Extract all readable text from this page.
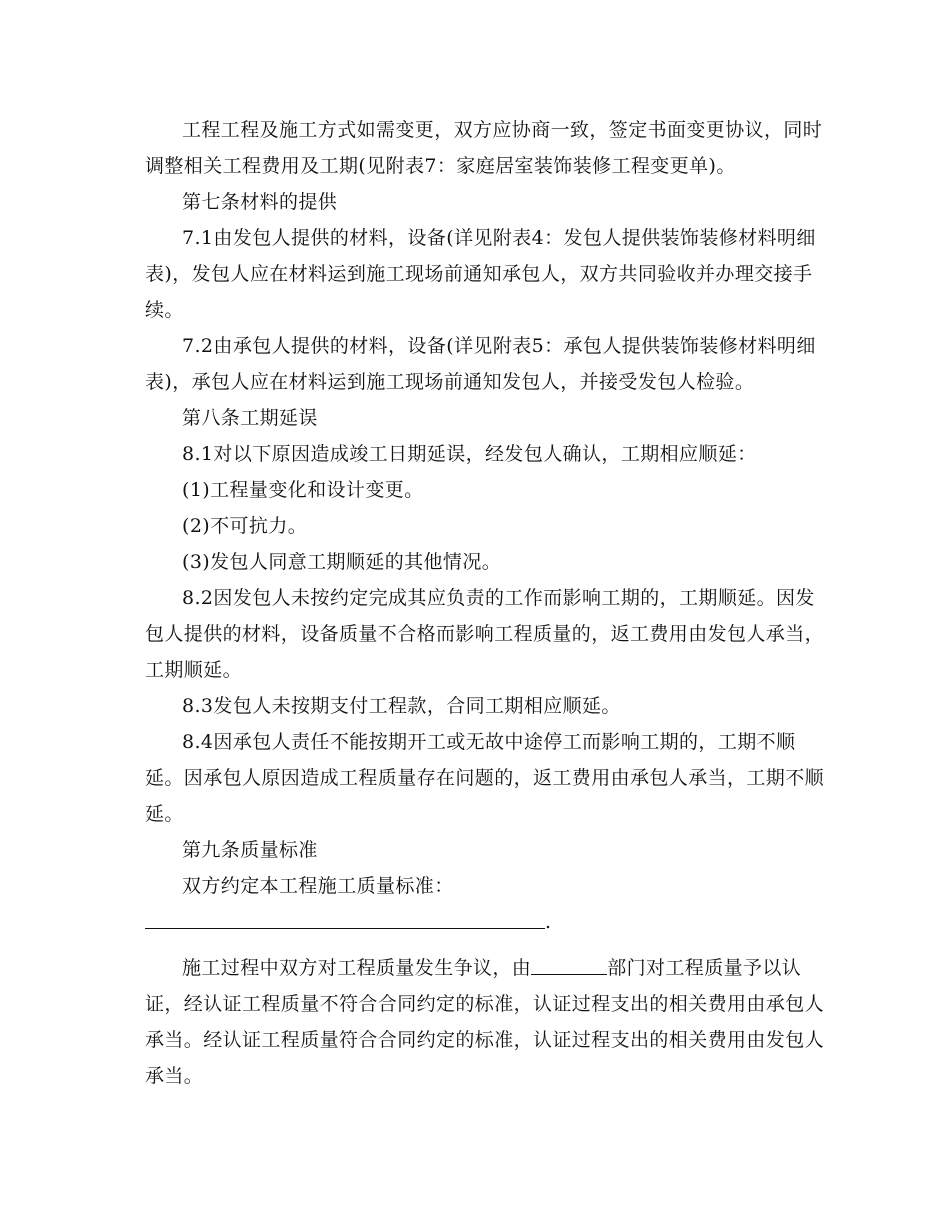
工程工程及施工方式如需变更，双方应协商一致，签定书面变更协议，同时
调整相关工程费用及工期(见附表7：家庭居室装饰装修工程变更单)。
第七条材料的提供
7.1由发包人提供的材料，设备(详见附表4：发包人提供装饰装修材料明细
表)，发包人应在材料运到施工现场前通知承包人，双方共同验收并办理交接手
续。
7.2由承包人提供的材料，设备(详见附表5：承包人提供装饰装修材料明细
表)，承包人应在材料运到施工现场前通知发包人，并接受发包人检验。
第八条工期延误
8.1对以下原因造成竣工日期延误，经发包人确认，工期相应顺延：
(1)工程量变化和设计变更。
(2)不可抗力。
(3)发包人同意工期顺延的其他情况。
8.2因发包人未按约定完成其应负责的工作而影响工期的，工期顺延。因发
包人提供的材料，设备质量不合格而影响工程质量的，返工费用由发包人承当，
工期顺延。
8.3发包人未按期支付工程款，合同工期相应顺延。
8.4因承包人责任不能按期开工或无故中途停工而影响工期的，工期不顺
延。因承包人原因造成工程质量存在问题的，返工费用由承包人承当，工期不顺
延。
第九条质量标准
双方约定本工程施工质量标准：
.
施工过程中双方对工程质量发生争议，由	部门对工程质量予以认
证，经认证工程质量不符合合同约定的标准，认证过程支出的相关费用由承包人
承当。经认证工程质量符合合同约定的标准，认证过程支出的相关费用由发包人
承当。
